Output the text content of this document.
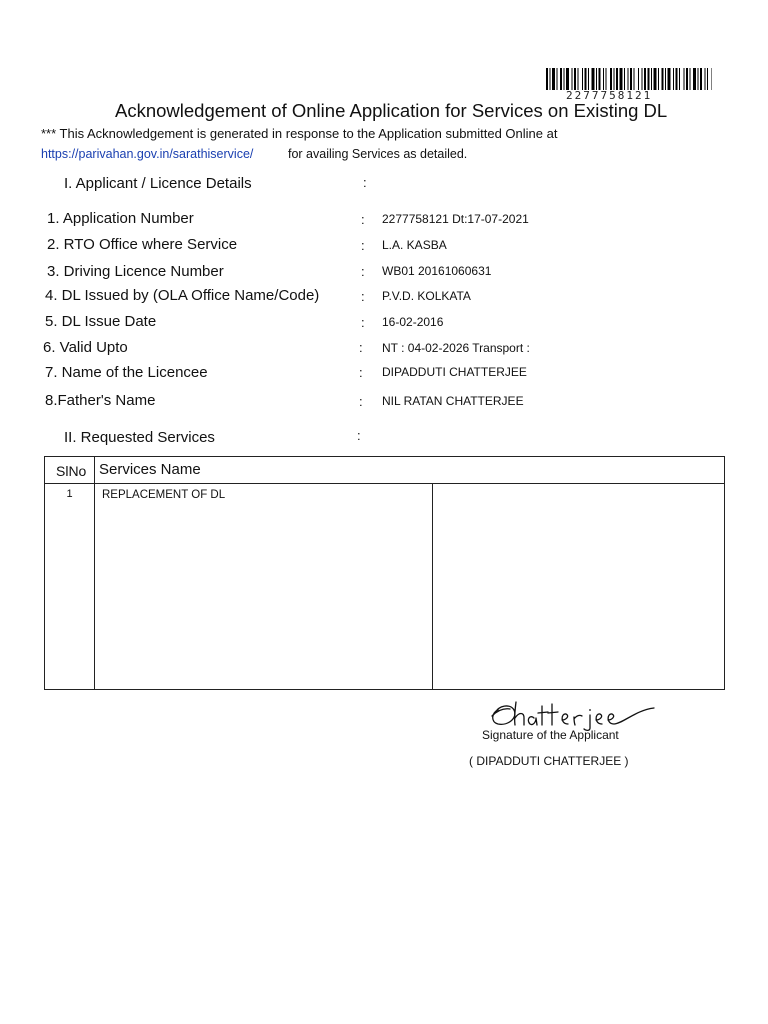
2277758121
Acknowledgement of Online Application for Services on Existing DL
*** This Acknowledgement is generated in response to the Application submitted Online at
https://parivahan.gov.in/sarathiservice/	for availing Services as detailed.
I. Applicant / Licence Details	:
1. Application Number	: 2277758121 Dt:17-07-2021
2. RTO Office where Service	: L.A. KASBA
3. Driving Licence Number	: WB01 20161060631
4. DL Issued by (OLA Office Name/Code)	: P.V.D. KOLKATA
5. DL Issue Date	: 16-02-2016
6. Valid Upto	: NT : 04-02-2026 Transport :
7. Name of the Licencee	: DIPADDUTI CHATTERJEE
8.Father's Name	: NIL RATAN CHATTERJEE
II. Requested Services	:
SlNo	Services Name	
1	REPLACEMENT OF DL	
Signature of the Applicant
( DIPADDUTI CHATTERJEE )
